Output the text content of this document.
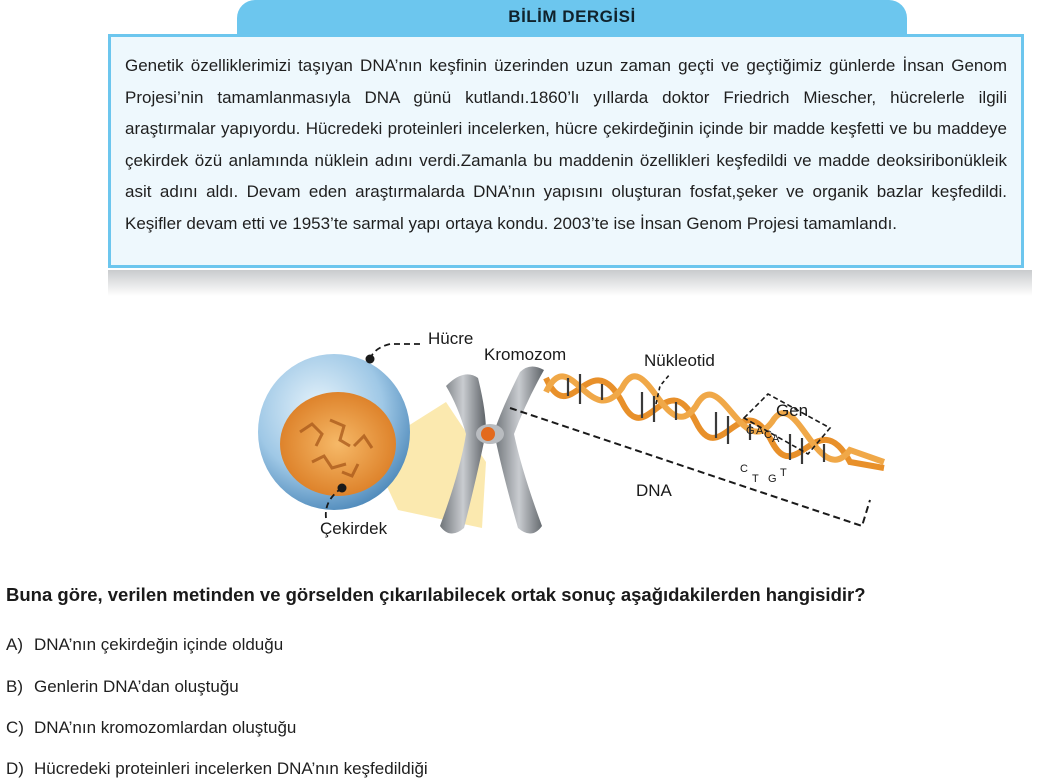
BİLİM DERGİSİ

Genetik özelliklerimizi taşıyan DNA’nın keşfinin üzerinden uzun zaman geçti ve geçtiğimiz günlerde İnsan Genom Projesi’nin tamamlanmasıyla DNA günü kutlandı.1860’lı yıllarda doktor Friedrich Miescher, hücrelerle ilgili araştırmalar yapıyordu. Hücredeki proteinleri incelerken, hücre çekirdeğinin içinde bir madde keşfetti ve bu maddeye çekirdek özü anlamında nüklein adını verdi.Zamanla bu maddenin özellikleri keşfedildi ve madde deoksiribonükleik asit adını aldı. Devam eden araştırmalarda DNA’nın yapısını oluşturan fosfat,şeker ve organik bazlar keşfedildi. Keşifler devam etti ve 1953’te sarmal yapı ortaya kondu. 2003’te ise İnsan Genom Projesi tamamlandı.

Hücre
Çekirdek
Kromozom
DNA
Nükleotid
Gen
G A C A
C
T G T
Buna göre, verilen metinden ve görselden çıkarılabilecek ortak sonuç aşağıdakilerden hangisidir?
A) DNA’nın çekirdeğin içinde olduğu
B) Genlerin DNA’dan oluştuğu
C) DNA’nın kromozomlardan oluştuğu
D) Hücredeki proteinleri incelerken DNA’nın keşfedildiği
